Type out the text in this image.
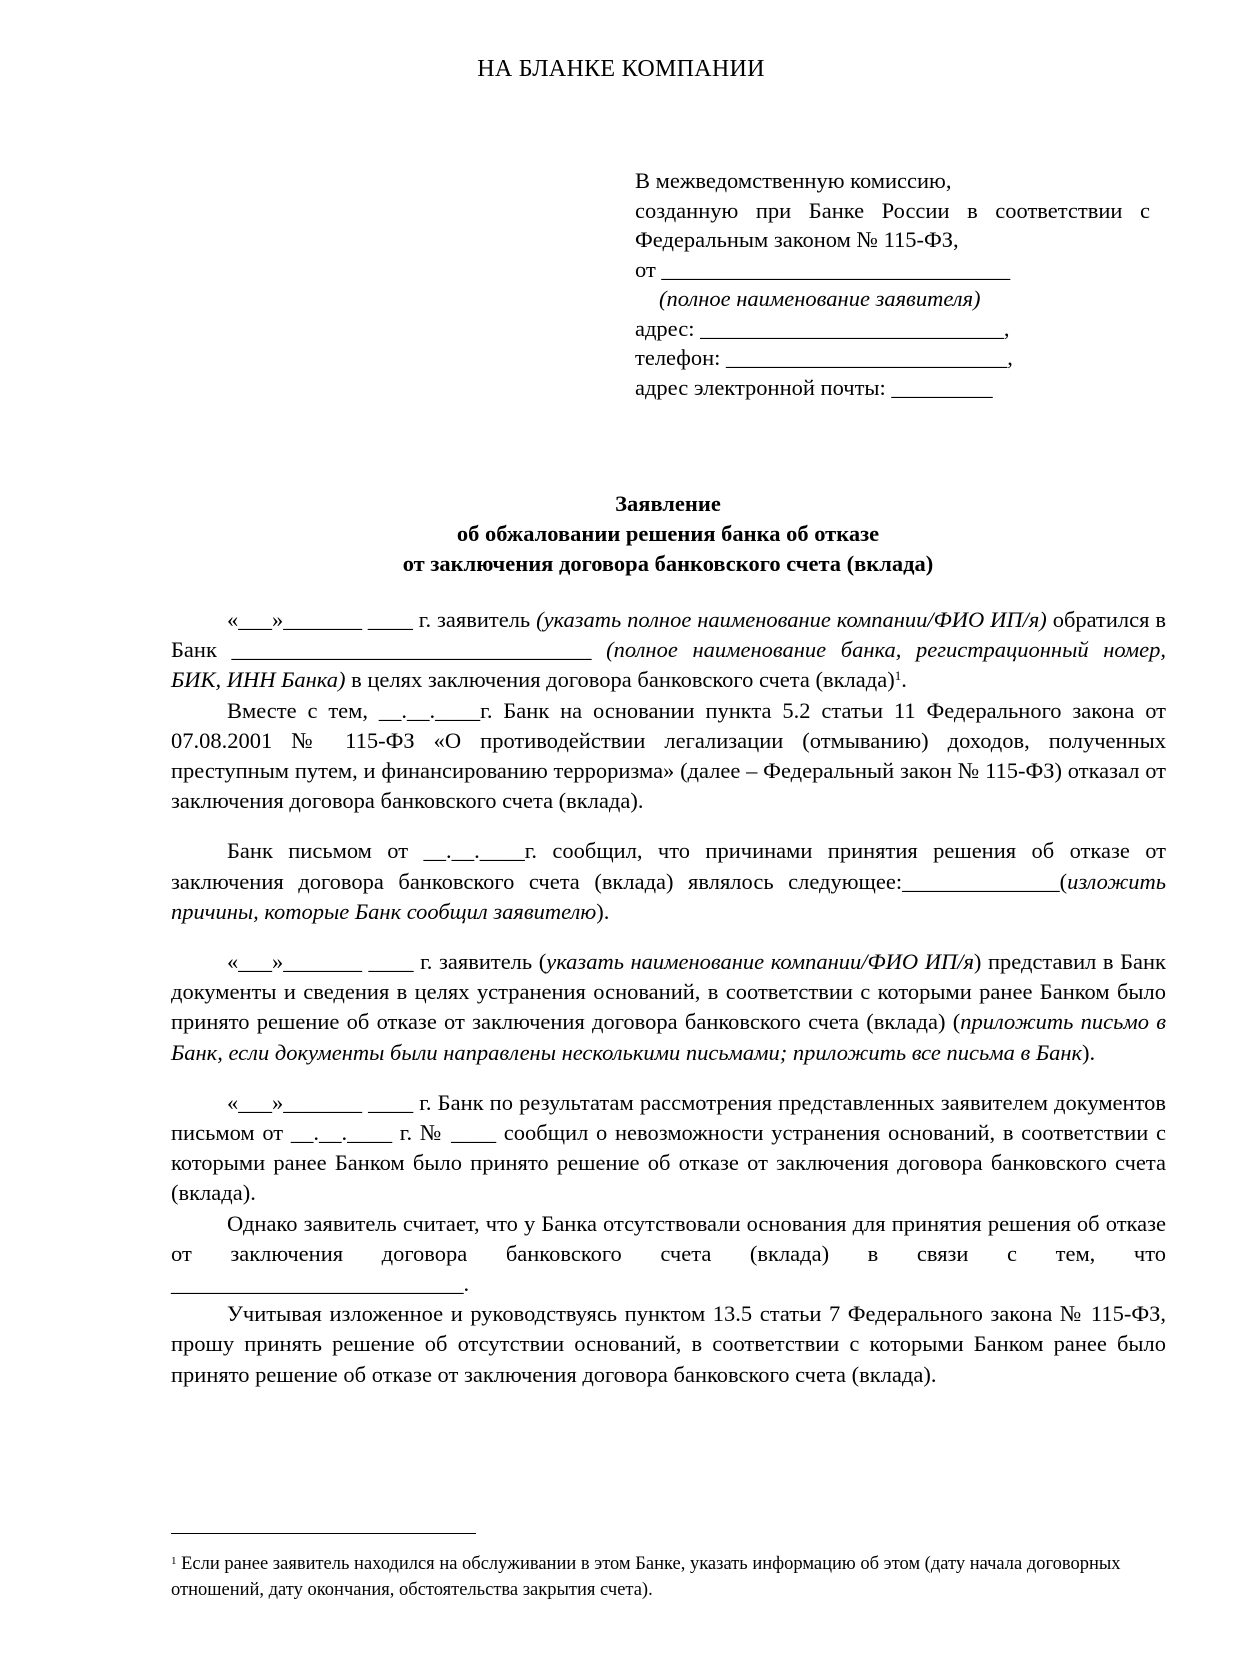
НА БЛАНКЕ КОМПАНИИ
В межведомственную комиссию,
созданную при Банке России в соответствии с
Федеральным законом № 115-ФЗ,
от _______________________________
(полное наименование заявителя)
адрес: ___________________________,
телефон: _________________________,
адрес электронной почты: _________
Заявление
об обжаловании решения банка об отказе
от заключения договора банковского счета (вклада)

«___»_______ ____ г. заявитель (указать полное наименование компании/ФИО ИП/я) обратился в Банк ________________________________ (полное наименование банка, регистрационный номер, БИК, ИНН Банка) в целях заключения договора банковского счета (вклада)$^1$.

Вместе с тем, __.__.____г. Банк на основании пункта 5.2 статьи 11 Федерального закона от 07.08.2001 № 115-ФЗ «О противодействии легализации (отмыванию) доходов, полученных преступным путем, и финансированию терроризма» (далее – Федеральный закон № 115-ФЗ) отказал от заключения договора банковского счета (вклада).

Банк письмом от __.__.____г. сообщил, что причинами принятия решения об отказе от заключения договора банковского счета (вклада) являлось следующее:______________(изложить причины, которые Банк сообщил заявителю).

«___»_______ ____ г. заявитель (указать наименование компании/ФИО ИП/я) представил в Банк документы и сведения в целях устранения оснований, в соответствии с которыми ранее Банком было принято решение об отказе от заключения договора банковского счета (вклада) (приложить письмо в Банк, если документы были направлены несколькими письмами; приложить все письма в Банк).

«___»_______ ____ г. Банк по результатам рассмотрения представленных заявителем документов письмом от __.__.____ г. № ____ сообщил о невозможности устранения оснований, в соответствии с которыми ранее Банком было принято решение об отказе от заключения договора банковского счета (вклада).

Однако заявитель считает, что у Банка отсутствовали основания для принятия решения об отказе от заключения договора банковского счета (вклада) в связи с тем, что

__________________________.

Учитывая изложенное и руководствуясь пунктом 13.5 статьи 7 Федерального закона № 115-ФЗ, прошу принять решение об отсутствии оснований, в соответствии с которыми Банком ранее было принято решение об отказе от заключения договора банковского счета (вклада).

$^1$ Если ранее заявитель находился на обслуживании в этом Банке, указать информацию об этом (дату начала договорных отношений, дату окончания, обстоятельства закрытия счета).
